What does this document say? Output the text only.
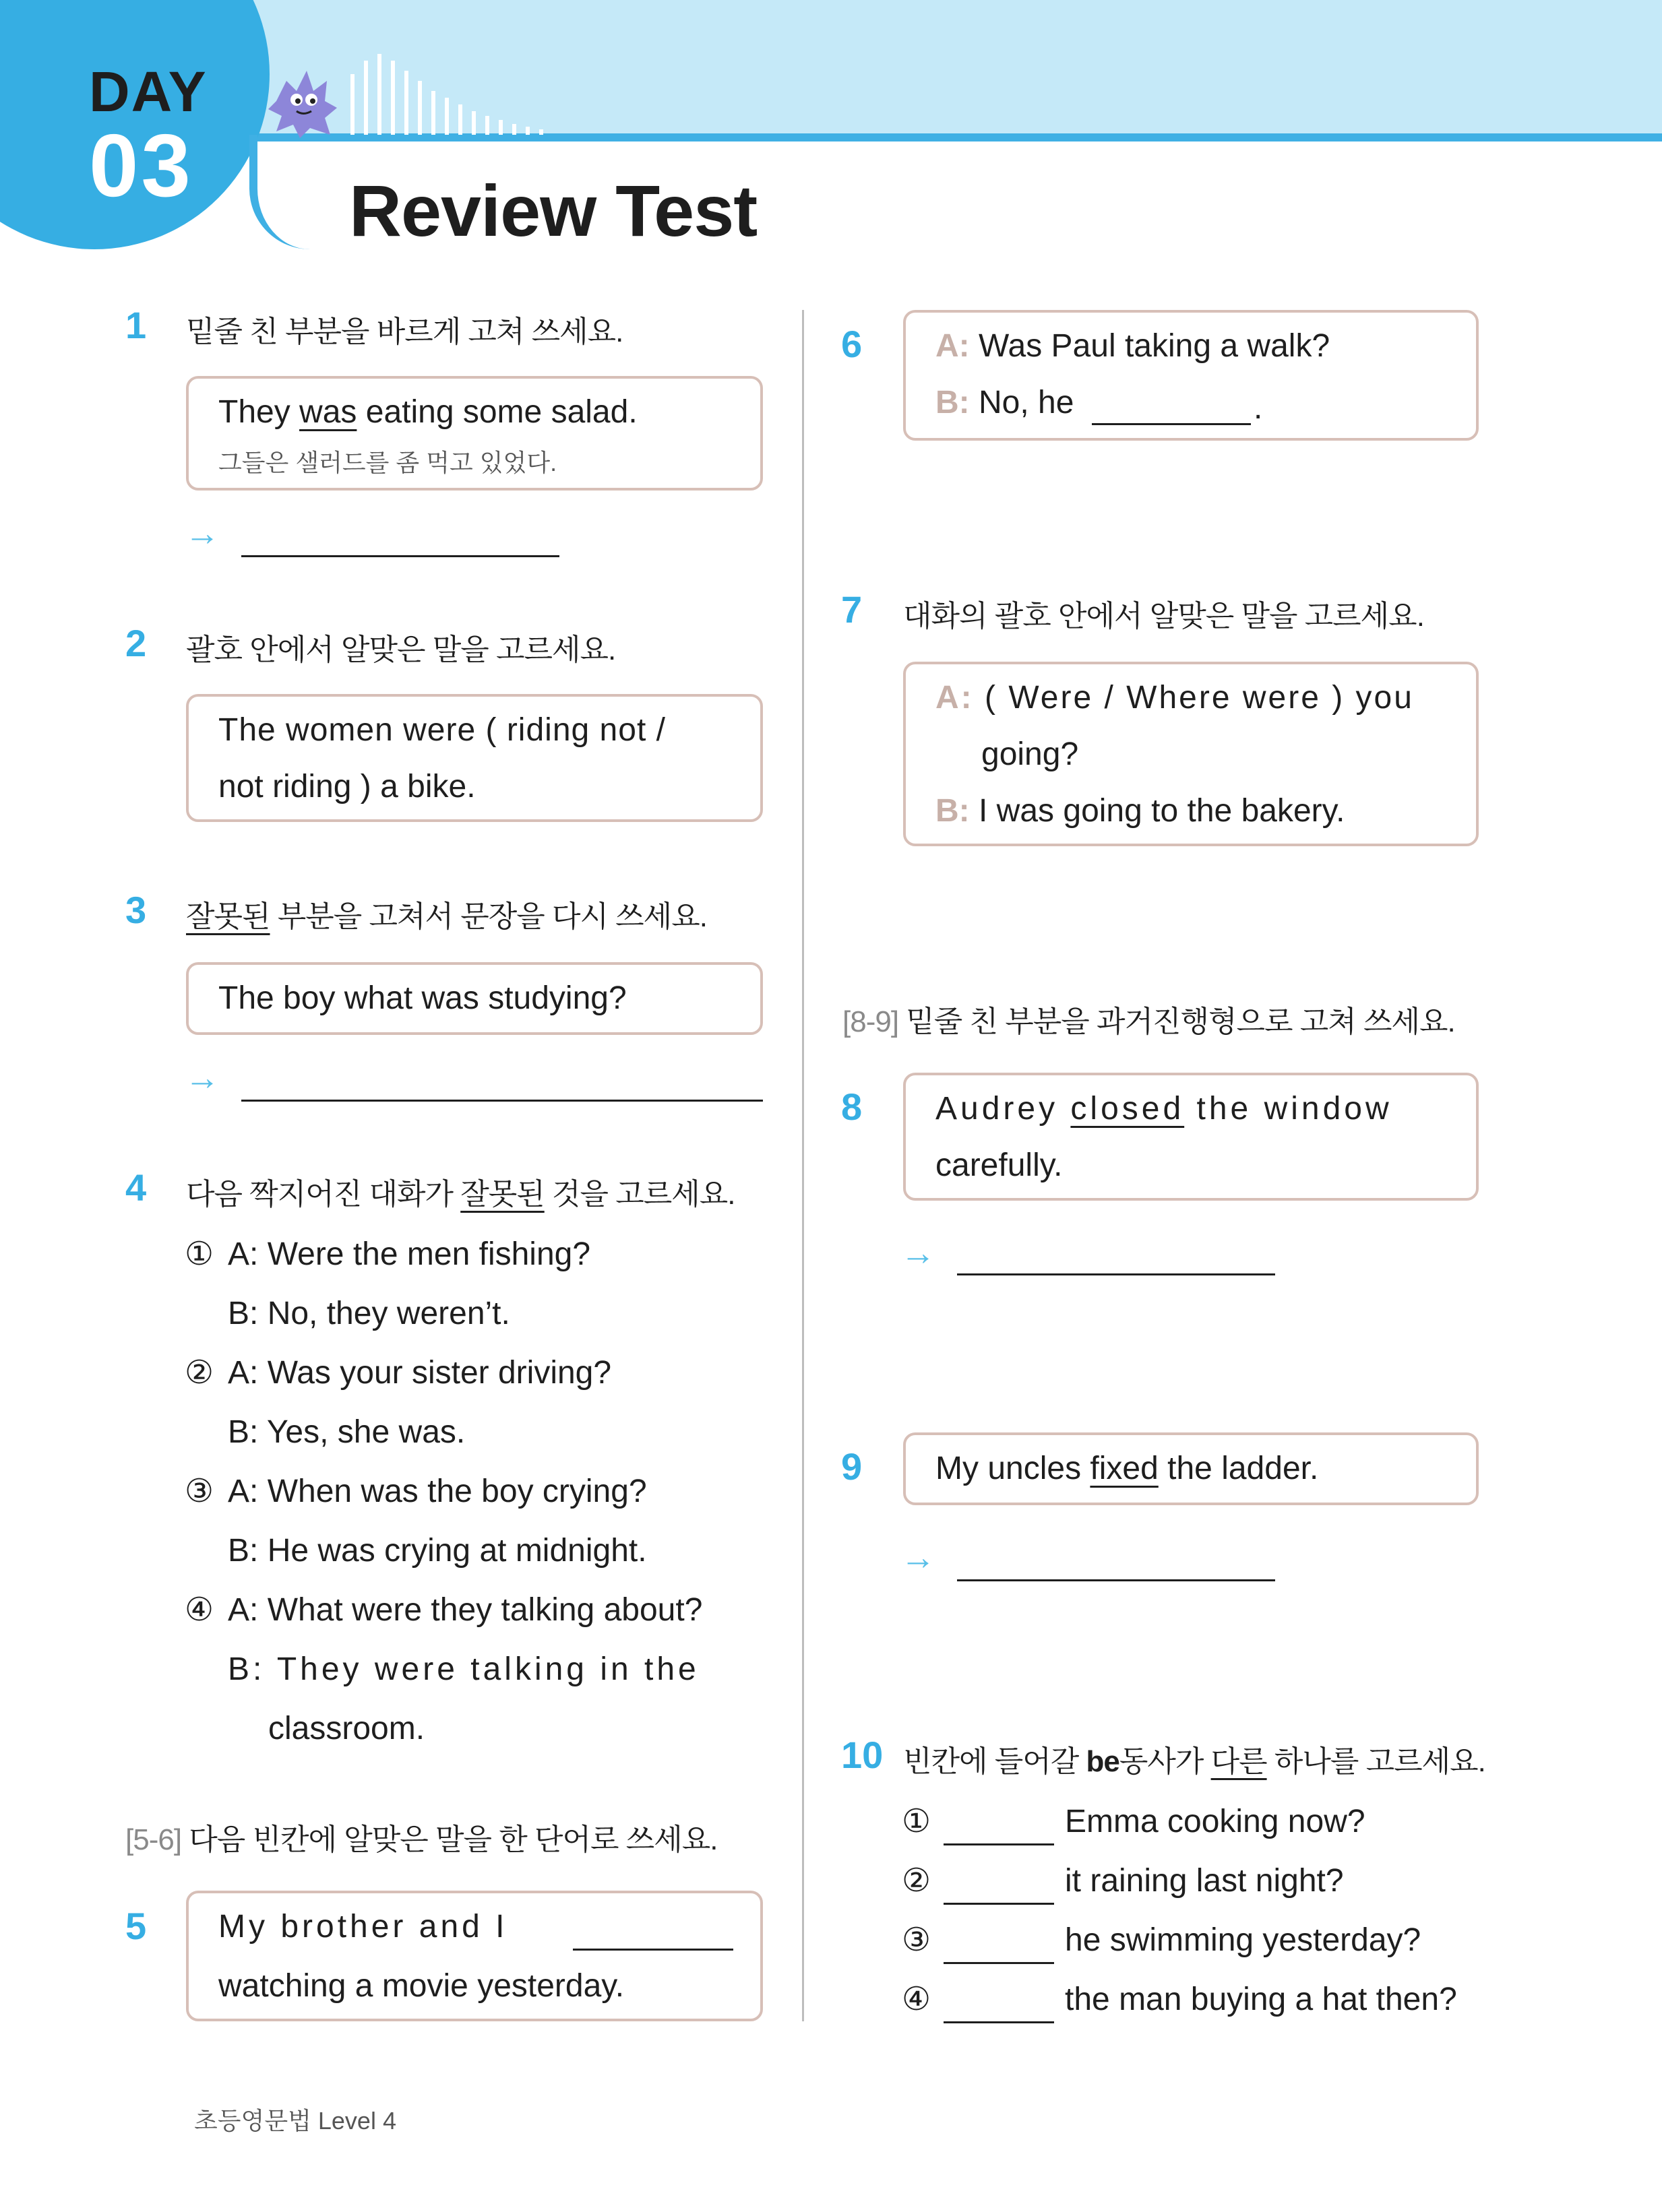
DAY
03 Review Test
1 밑줄 친 부분을 바르게 고쳐 쓰세요.
They was eating some salad.
그들은 샐러드를 좀 먹고 있었다.
→
2 괄호 안에서 알맞은 말을 고르세요.
The women were ( riding not /
not riding ) a bike.
3 잘못된 부분을 고쳐서 문장을 다시 쓰세요.
The boy what was studying?
→
4 다음 짝지어진 대화가 잘못된 것을 고르세요.
① A: Were the men fishing?
B: No, they weren’t.
② A: Was your sister driving?
B: Yes, she was.
③ A: When was the boy crying?
B: He was crying at midnight.
④ A: What were they talking about?
B: They were talking in the
classroom.
[5-6] 다음 빈칸에 알맞은 말을 한 단어로 쓰세요.
5 My brother and I
watching a movie yesterday.
6 A: Was Paul taking a walk?
B: No, he	.
7 대화의 괄호 안에서 알맞은 말을 고르세요.
A: ( Were / Where were ) you
going?
B: I was going to the bakery.
[8-9] 밑줄 친 부분을 과거진행형으로 고쳐 쓰세요.
8 Audrey closed the window
carefully.
→
9 My uncles fixed the ladder.
→
10 빈칸에 들어갈 be동사가 다른 하나를 고르세요.
①	Emma cooking now?
②	it raining last night?
③	he swimming yesterday?
④	the man buying a hat then?
초등영문법 Level 4
